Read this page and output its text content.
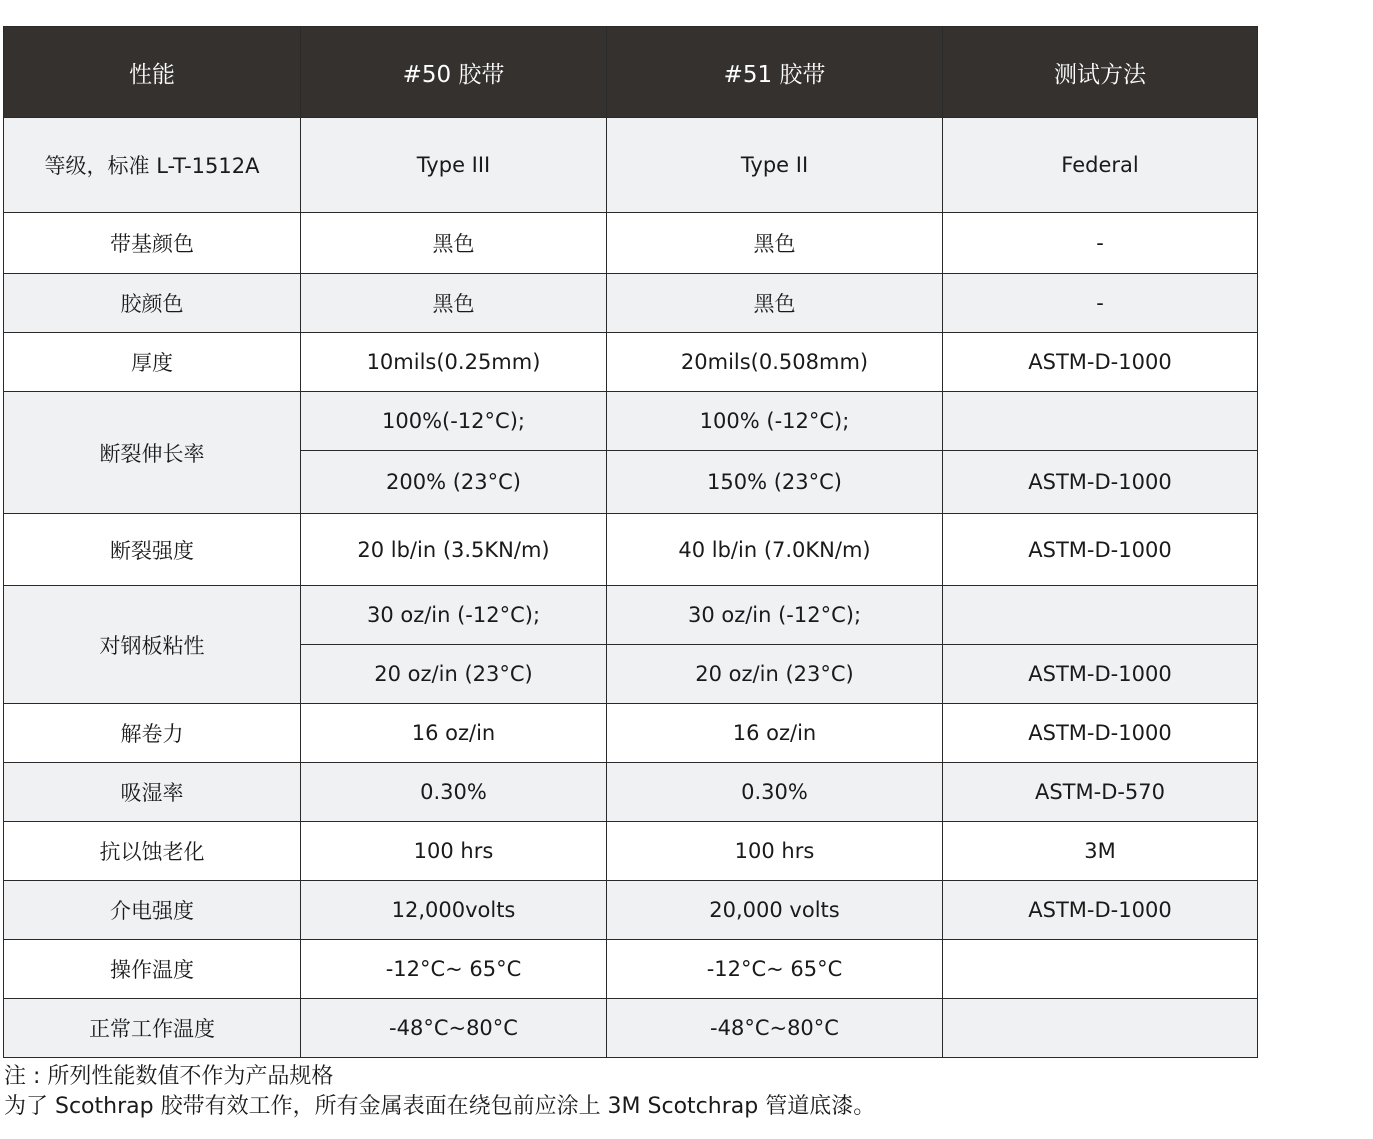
性能	#50 胶带	#51 胶带	测试方法
等级，标准 L-T-1512A	Type III	Type II	Federal
带基颜色	黑色	黑色	-
胶颜色	黑色	黑色	-
厚度	10mils(0.25mm)	20mils(0.508mm)	ASTM-D-1000
断裂伸长率	100%(-12°C);	100% (-12°C);	
	200% (23°C)	150% (23°C)	ASTM-D-1000
断裂强度	20 lb/in (3.5KN/m)	40 lb/in (7.0KN/m)	ASTM-D-1000
对钢板粘性	30 oz/in (-12°C);	30 oz/in (-12°C);	
	20 oz/in (23°C)	20 oz/in (23°C)	ASTM-D-1000
解卷力	16 oz/in	16 oz/in	ASTM-D-1000
吸湿率	0.30%	0.30%	ASTM-D-570
抗以蚀老化	100 hrs	100 hrs	3M
介电强度	12,000volts	20,000 volts	ASTM-D-1000
操作温度	-12°C~ 65°C	-12°C~ 65°C	
正常工作温度	-48°C~80°C	-48°C~80°C	
注 : 所列性能数值不作为产品规格
为了 Scothrap 胶带有效工作，所有金属表面在绕包前应涂上 3M Scotchrap 管道底漆。
